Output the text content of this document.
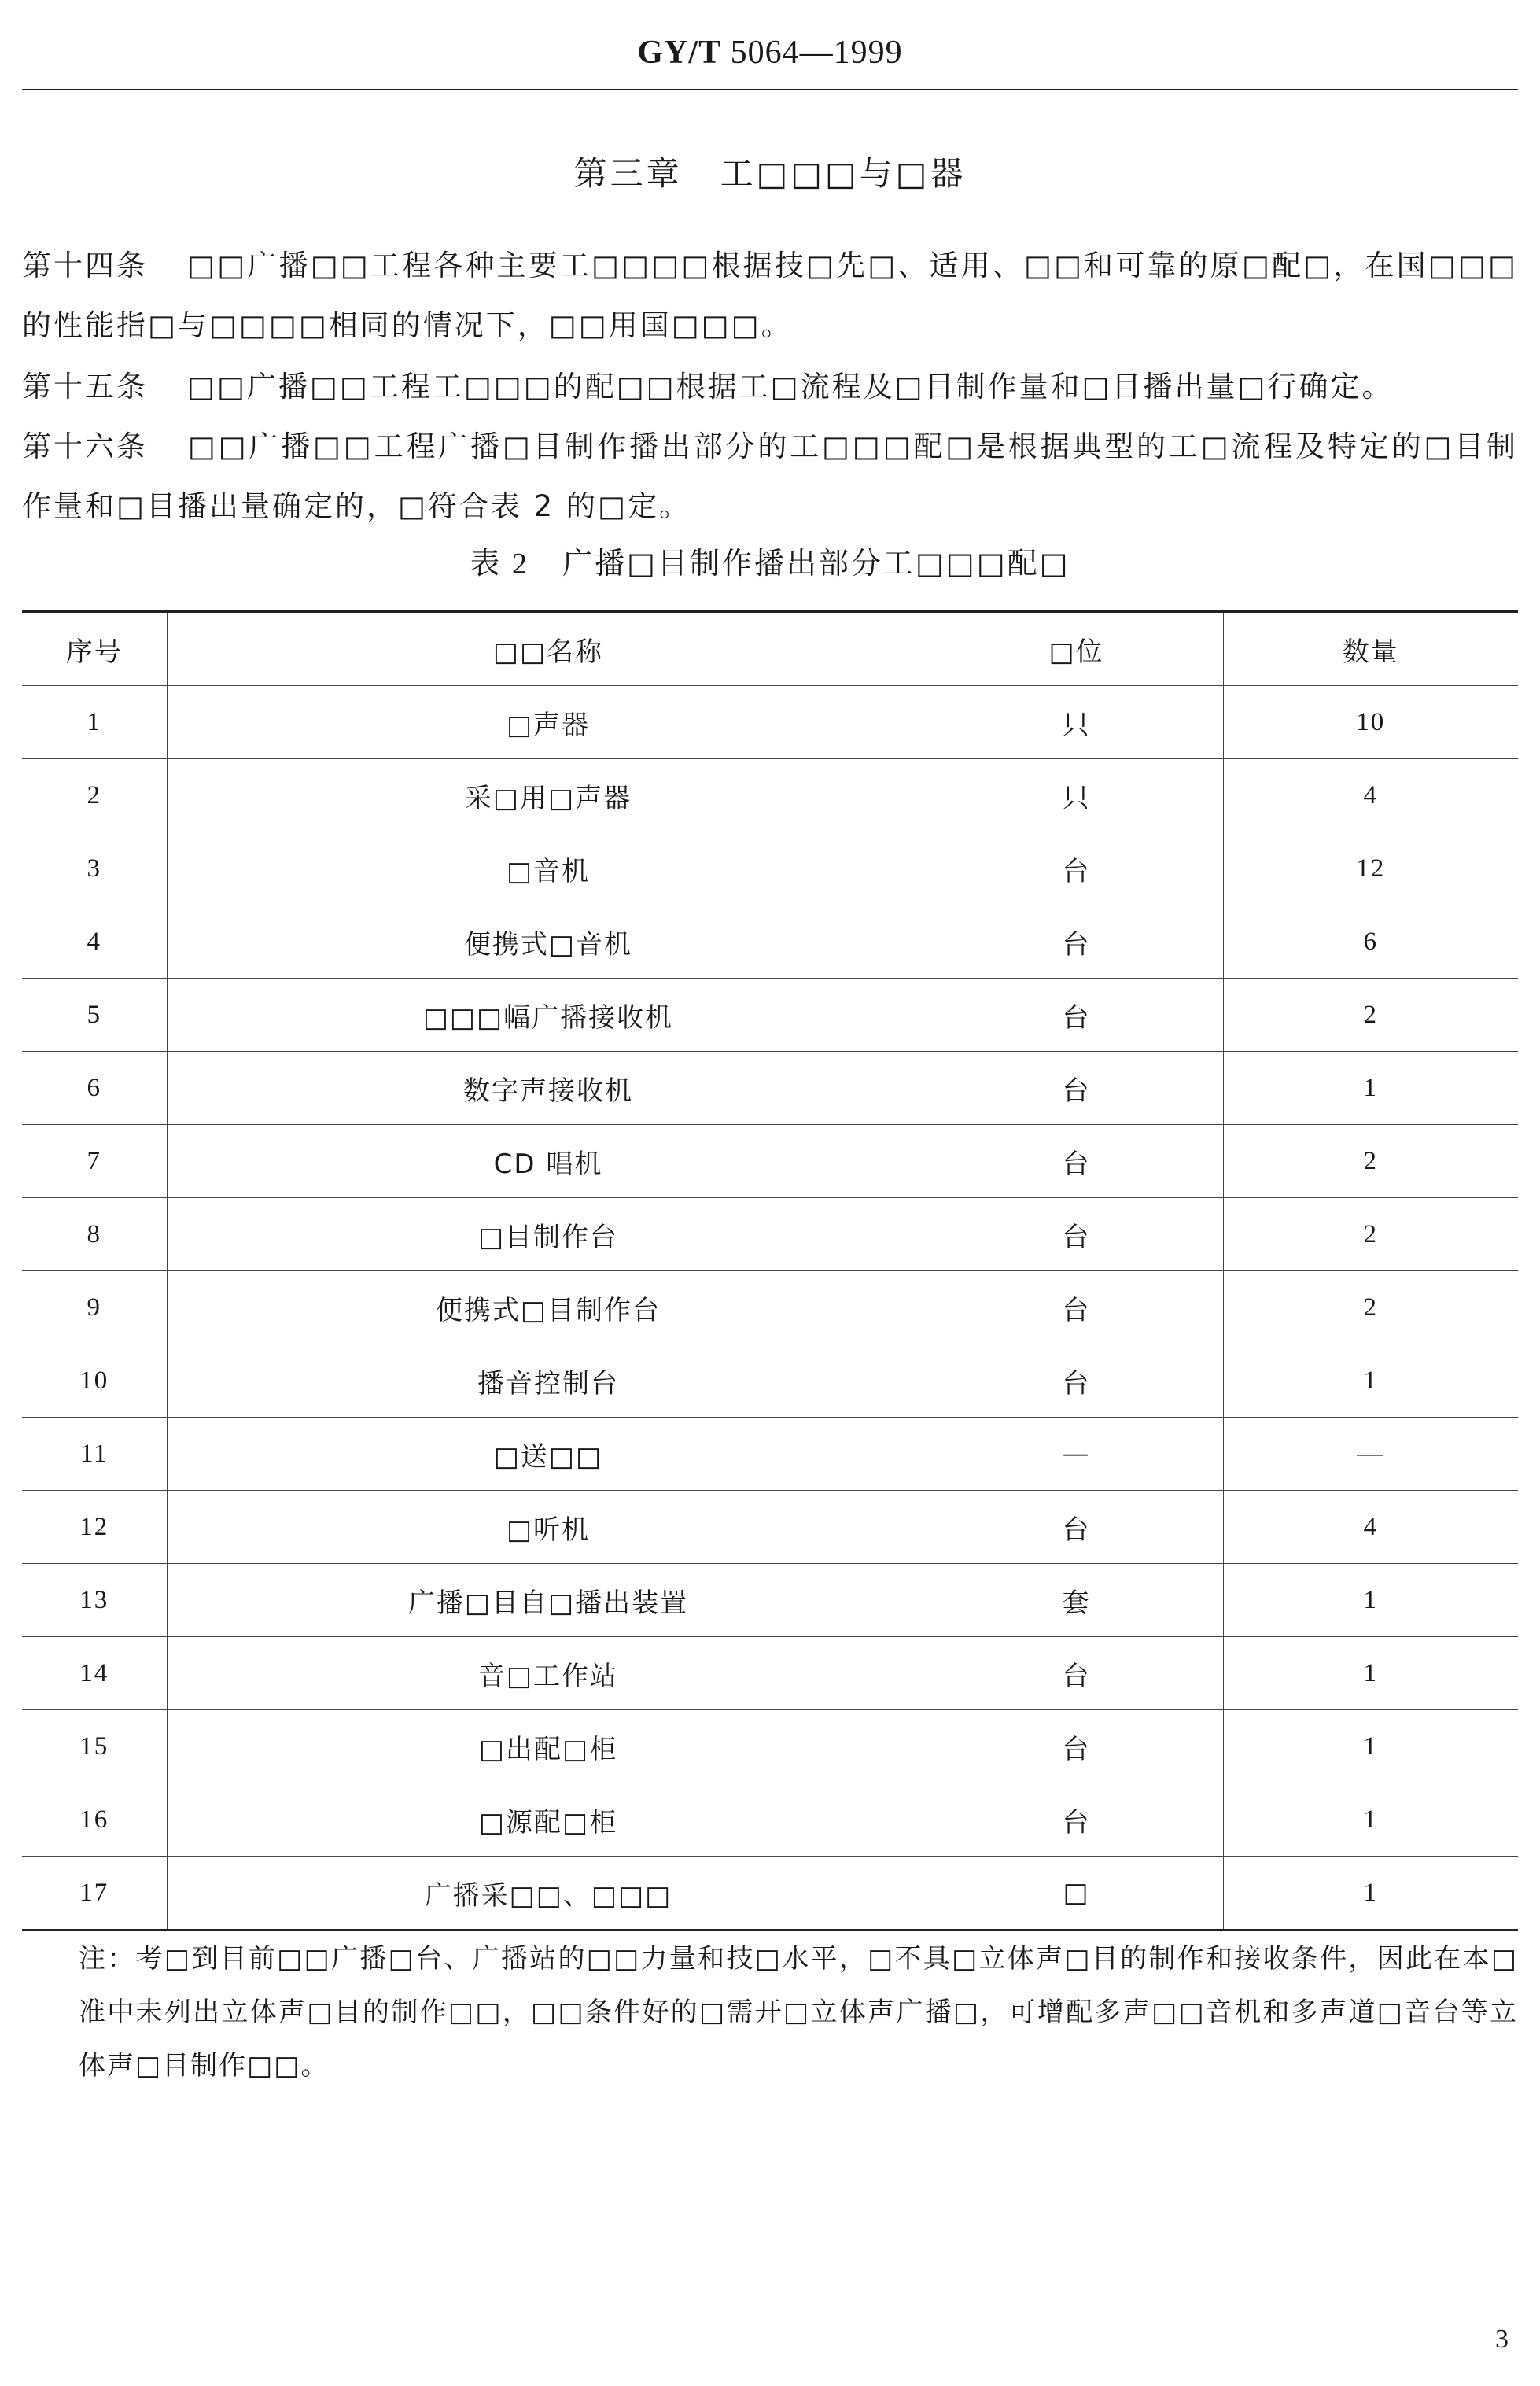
GY/T 5064—1999
第三章 工□□□与□器
第十四条 □□广播□□工程各种主要工□□□□根据技□先□、适用、□□和可靠的原□配□，在国□□□的性能指□与□□□□相同的情况下，□□用国□□□。
第十五条 □□广播□□工程工□□□的配□□根据工□流程及□目制作量和□目播出量□行确定。
第十六条 □□广播□□工程广播□目制作播出部分的工□□□配□是根据典型的工□流程及特定的□目制作量和□目播出量确定的，□符合表 2 的□定。
表 2 广播□目制作播出部分工□□□配□
序号	□□名称	□位	数量
1	□声器	只	10
2	采□用□声器	只	4
3	□音机	台	12
4	便携式□音机	台	6
5	□□□幅广播接收机	台	2
6	数字声接收机	台	1
7	CD 唱机	台	2
8	□目制作台	台	2
9	便携式□目制作台	台	2
10	播音控制台	台	1
11	□送□□	—	—
12	□听机	台	4
13	广播□目自□播出装置	套	1
14	音□工作站	台	1
15	□出配□柜	台	1
16	□源配□柜	台	1
17	广播采□□、□□□	□	1
注：考□到目前□□广播□台、广播站的□□力量和技□水平，□不具□立体声□目的制作和接收条件，因此在本□准中未列出立体声□目的制作□□，□□条件好的□需开□立体声广播□，可增配多声□□音机和多声道□音台等立体声□目制作□□。
3
